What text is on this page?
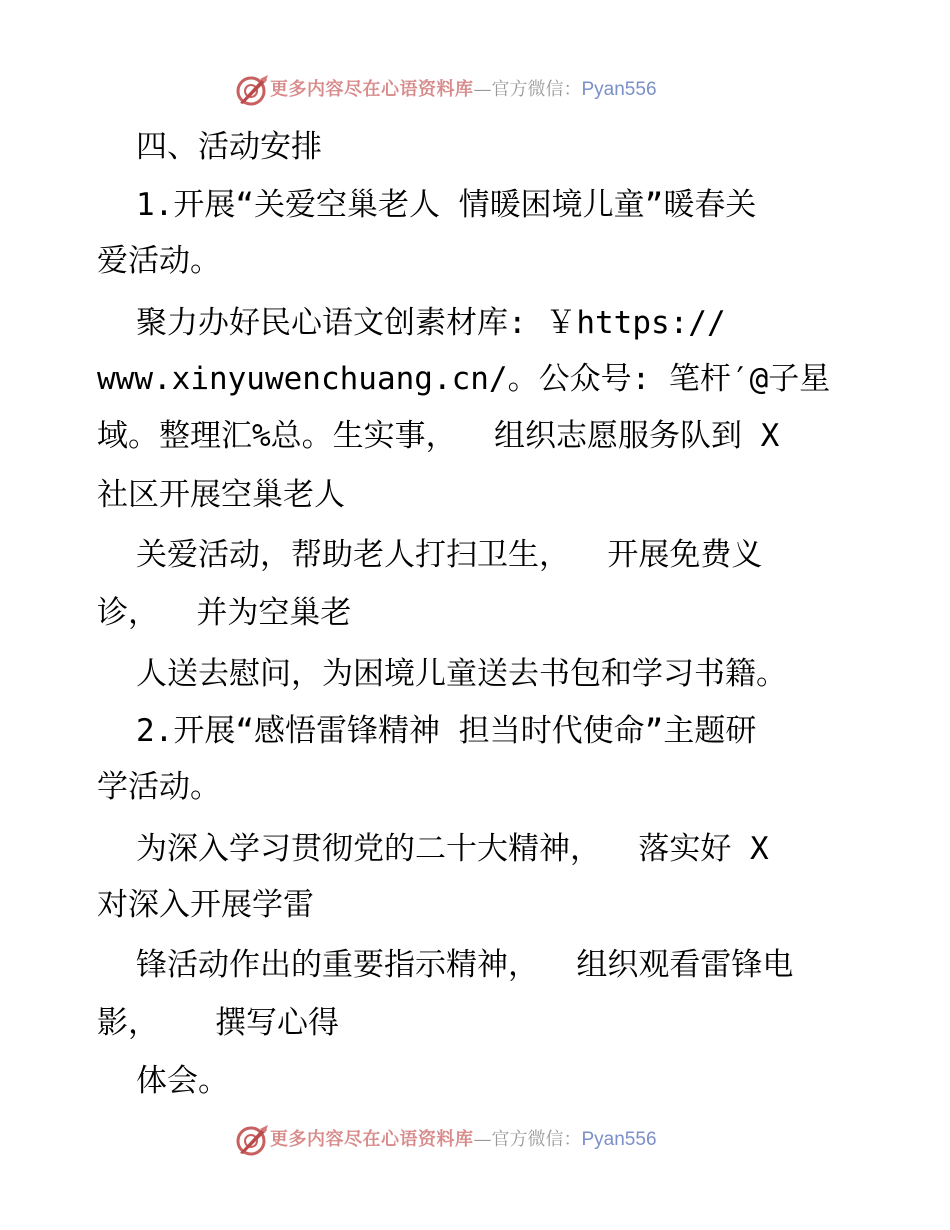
更多内容尽在心语资料库—官方微信：Pyan556
四、活动安排
1.开展“关爱空巢老人 情暖困境儿童”暖春关
爱活动。
聚力办好民心语文创素材库: ￥https://
www.xinyuwenchuang.cn/。公众号: 笔杆′@子星
域。整理汇%总。生实事，  组织志愿服务队到 X
社区开展空巢老人
关爱活动，帮助老人打扫卫生，  开展免费义
诊，  并为空巢老
人送去慰问，为困境儿童送去书包和学习书籍。
2.开展“感悟雷锋精神 担当时代使命”主题研
学活动。
为深入学习贯彻党的二十大精神，  落实好 X
对深入开展学雷
锋活动作出的重要指示精神，  组织观看雷锋电
影，   撰写心得
体会。
更多内容尽在心语资料库—官方微信：Pyan556
